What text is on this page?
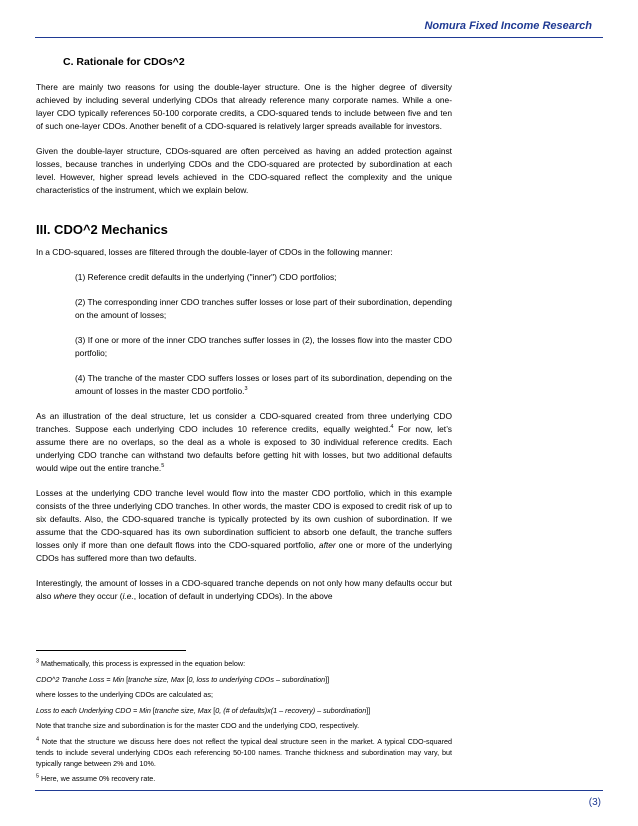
Nomura Fixed Income Research
C. Rationale for CDOs^2

There are mainly two reasons for using the double-layer structure. One is the higher degree of diversity achieved by including several underlying CDOs that already reference many corporate names. While a one-layer CDO typically references 50-100 corporate credits, a CDO-squared tends to include between five and ten of such one-layer CDOs. Another benefit of a CDO-squared is relatively larger spreads available for investors.

Given the double-layer structure, CDOs-squared are often perceived as having an added protection against losses, because tranches in underlying CDOs and the CDO-squared are protected by subordination at each level. However, higher spread levels achieved in the CDO-squared reflect the complexity and the unique characteristics of the instrument, which we explain below.

III. CDO^2 Mechanics

In a CDO-squared, losses are filtered through the double-layer of CDOs in the following manner:

(1) Reference credit defaults in the underlying ("inner") CDO portfolios;

(2) The corresponding inner CDO tranches suffer losses or lose part of their subordination, depending on the amount of losses;

(3) If one or more of the inner CDO tranches suffer losses in (2), the losses flow into the master CDO portfolio;

(4) The tranche of the master CDO suffers losses or loses part of its subordination, depending on the amount of losses in the master CDO portfolio.$^3$

As an illustration of the deal structure, let us consider a CDO-squared created from three underlying CDO tranches. Suppose each underlying CDO includes 10 reference credits, equally weighted.$^4$ For now, let’s assume there are no overlaps, so the deal as a whole is exposed to 30 individual reference credits. Each underlying CDO tranche can withstand two defaults before getting hit with losses, but two additional defaults would wipe out the entire tranche.$^5$

Losses at the underlying CDO tranche level would flow into the master CDO portfolio, which in this example consists of the three underlying CDO tranches. In other words, the master CDO is exposed to credit risk of up to six defaults. Also, the CDO-squared tranche is typically protected by its own cushion of subordination. If we assume that the CDO-squared has its own subordination sufficient to absorb one default, the tranche suffers losses only if more than one default flows into the CDO-squared portfolio, after one or more of the underlying CDOs has suffered more than two defaults.

Interestingly, the amount of losses in a CDO-squared tranche depends on not only how many defaults occur but also where they occur (i.e., location of default in underlying CDOs). In the above

$^3$ Mathematically, this process is expressed in the equation below:

CDO^2 Tranche Loss = Min [tranche size, Max [0, loss to underlying CDOs – subordination]]

where losses to the underlying CDOs are calculated as;

Loss to each Underlying CDO = Min [tranche size, Max [0, (# of defaults)x(1 – recovery) – subordination]]

Note that tranche size and subordination is for the master CDO and the underlying CDO, respectively.

$^4$ Note that the structure we discuss here does not reflect the typical deal structure seen in the market. A typical CDO-squared tends to include several underlying CDOs each referencing 50-100 names. Tranche thickness and subordination may vary, but typically range between 2% and 10%.

$^5$ Here, we assume 0% recovery rate.

(3)
